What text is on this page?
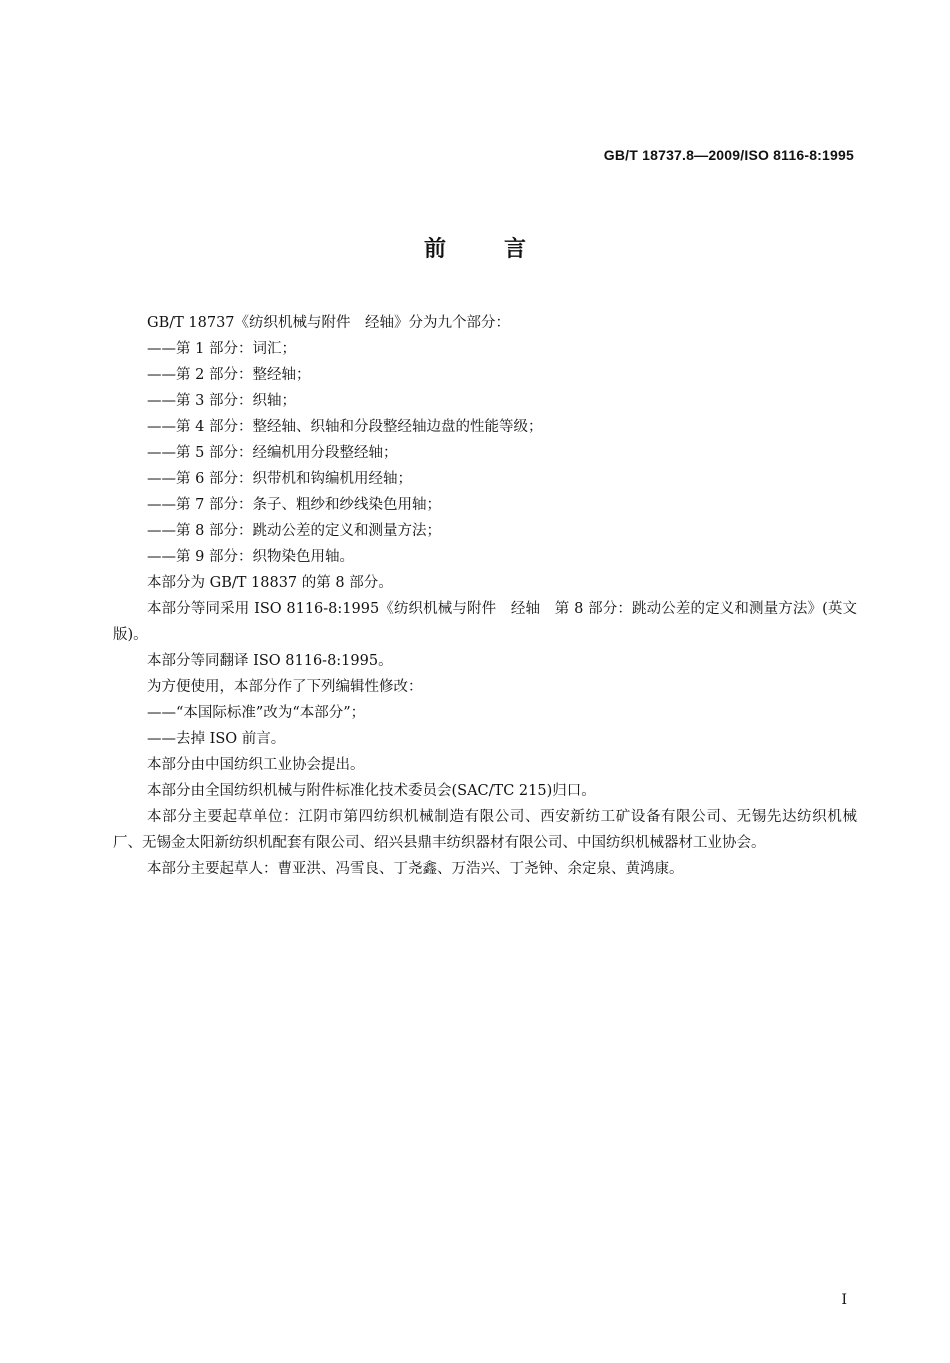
GB/T 18737.8—2009/ISO 8116-8:1995
前	言

GB/T 18737《纺织机械与附件　经轴》分为九个部分：

——第 1 部分：词汇；

——第 2 部分：整经轴；

——第 3 部分：织轴；

——第 4 部分：整经轴、织轴和分段整经轴边盘的性能等级；

——第 5 部分：经编机用分段整经轴；

——第 6 部分：织带机和钩编机用经轴；

——第 7 部分：条子、粗纱和纱线染色用轴；

——第 8 部分：跳动公差的定义和测量方法；

——第 9 部分：织物染色用轴。

本部分为 GB/T 18837 的第 8 部分。

本部分等同采用 ISO 8116-8:1995《纺织机械与附件　经轴　第 8 部分：跳动公差的定义和测量方法》(英文版)。

本部分等同翻译 ISO 8116-8:1995。

为方便使用，本部分作了下列编辑性修改：

——“本国际标准”改为“本部分”；

——去掉 ISO 前言。

本部分由中国纺织工业协会提出。

本部分由全国纺织机械与附件标准化技术委员会(SAC/TC 215)归口。

本部分主要起草单位：江阴市第四纺织机械制造有限公司、西安新纺工矿设备有限公司、无锡先达纺织机械厂、无锡金太阳新纺织机配套有限公司、绍兴县鼎丰纺织器材有限公司、中国纺织机械器材工业协会。

本部分主要起草人：曹亚洪、冯雪良、丁尧鑫、万浩兴、丁尧钟、余定泉、黄鸿康。

I
